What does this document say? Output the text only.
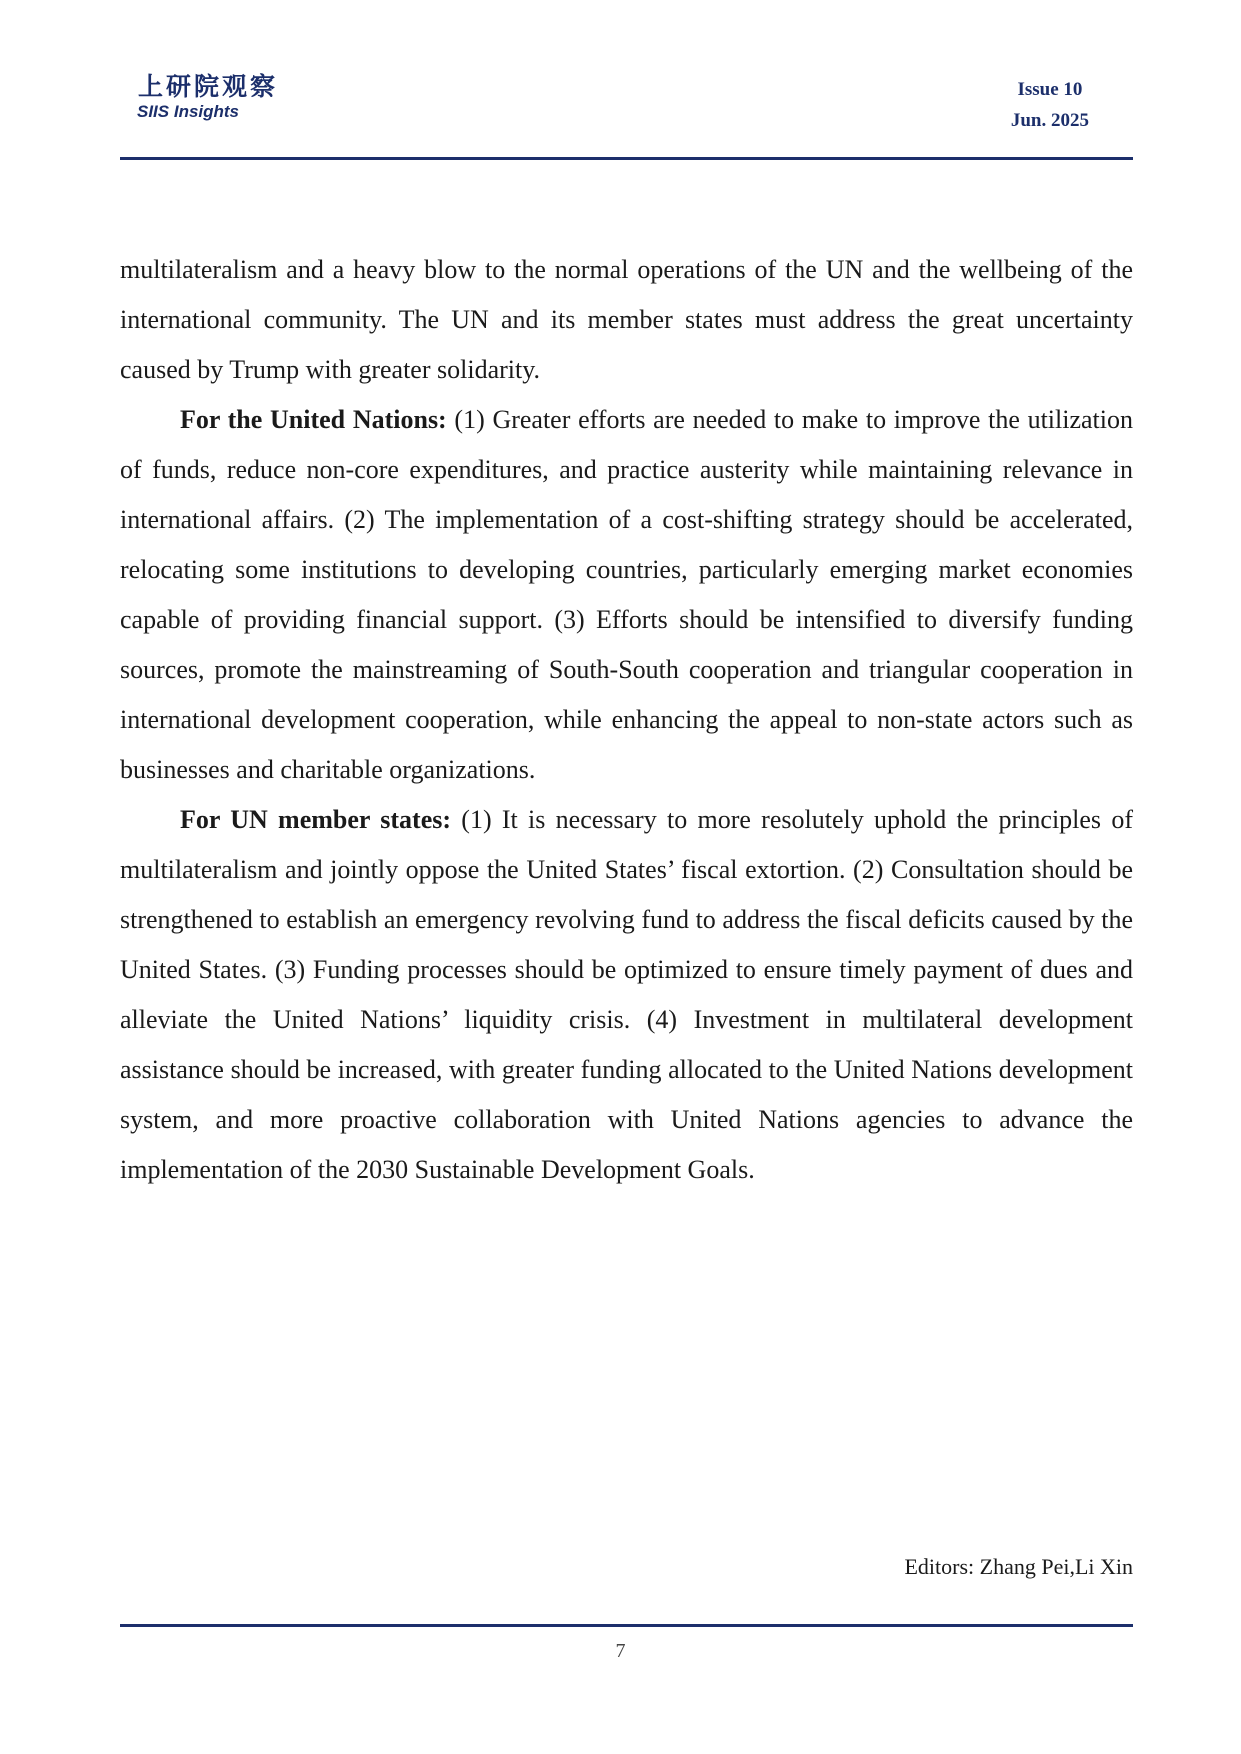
上研院观察
SIIS Insights
Issue 10
Jun. 2025

multilateralism and a heavy blow to the normal operations of the UN and the wellbeing of the international community. The UN and its member states must address the great uncertainty caused by Trump with greater solidarity.

For the United Nations: (1) Greater efforts are needed to make to improve the utilization of funds, reduce non-core expenditures, and practice austerity while maintaining relevance in international affairs. (2) The implementation of a cost-shifting strategy should be accelerated, relocating some institutions to developing countries, particularly emerging market economies capable of providing financial support. (3) Efforts should be intensified to diversify funding sources, promote the mainstreaming of South-South cooperation and triangular cooperation in international development cooperation, while enhancing the appeal to non-state actors such as businesses and charitable organizations.

For UN member states: (1) It is necessary to more resolutely uphold the principles of multilateralism and jointly oppose the United States’ fiscal extortion. (2) Consultation should be strengthened to establish an emergency revolving fund to address the fiscal deficits caused by the United States. (3) Funding processes should be optimized to ensure timely payment of dues and alleviate the United Nations’ liquidity crisis. (4) Investment in multilateral development assistance should be increased, with greater funding allocated to the United Nations development system, and more proactive collaboration with United Nations agencies to advance the implementation of the 2030 Sustainable Development Goals.

Editors: Zhang Pei,Li Xin
7
